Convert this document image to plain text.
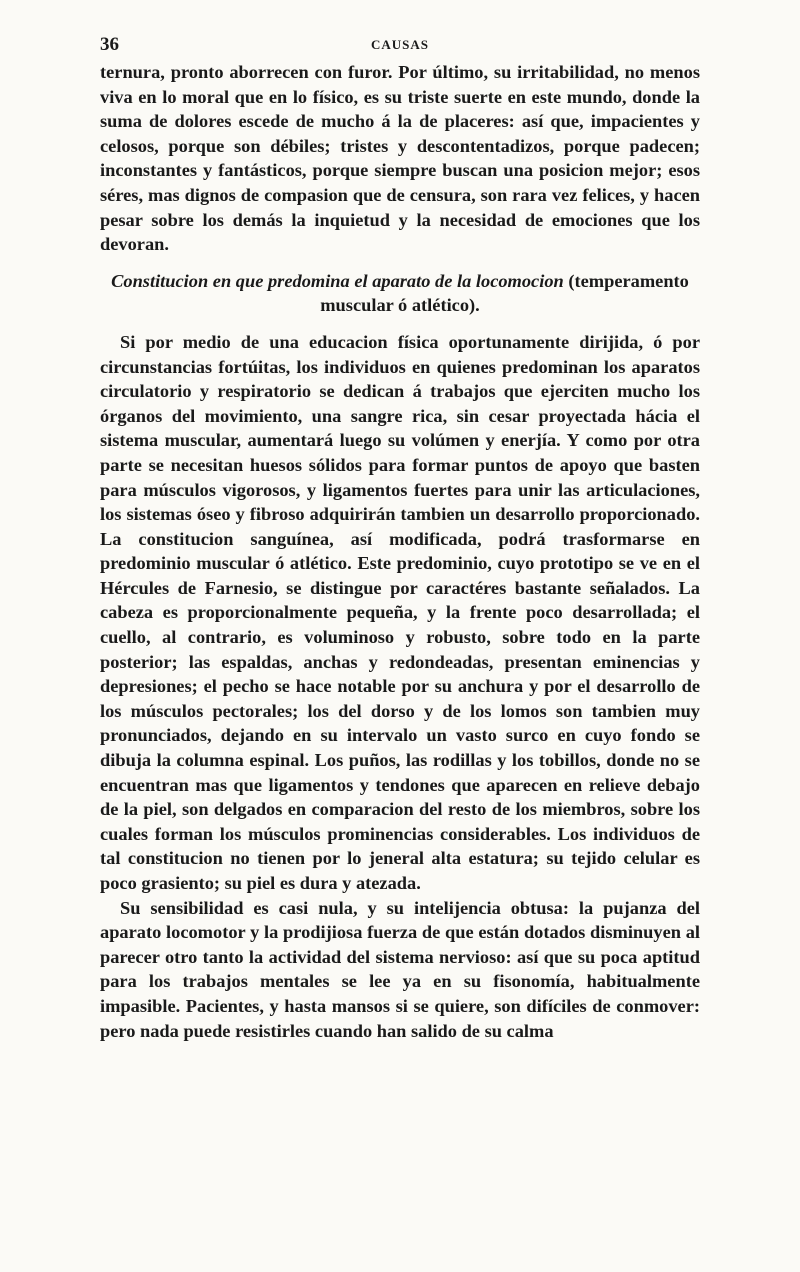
36	CAUSAS

ternura, pronto aborrecen con furor. Por último, su irritabilidad, no menos viva en lo moral que en lo físico, es su triste suerte en este mundo, donde la suma de dolores escede de mucho á la de placeres: así que, impacientes y celosos, porque son débiles; tristes y descontentadizos, porque padecen; inconstantes y fantásticos, porque siempre buscan una posicion mejor; esos séres, mas dignos de compasion que de censura, son rara vez felices, y hacen pesar sobre los demás la inquietud y la necesidad de emociones que los devoran.

Constitucion en que predomina el aparato de la locomocion (temperamento muscular ó atlético).

Si por medio de una educacion física oportunamente dirijida, ó por circunstancias fortúitas, los individuos en quienes predominan los aparatos circulatorio y respiratorio se dedican á trabajos que ejerciten mucho los órganos del movimiento, una sangre rica, sin cesar proyectada hácia el sistema muscular, aumentará luego su volúmen y enerjía. Y como por otra parte se necesitan huesos sólidos para formar puntos de apoyo que basten para músculos vigorosos, y ligamentos fuertes para unir las articulaciones, los sistemas óseo y fibroso adquirirán tambien un desarrollo proporcionado. La constitucion sanguínea, así modificada, podrá trasformarse en predominio muscular ó atlético. Este predominio, cuyo prototipo se ve en el Hércules de Farnesio, se distingue por caractéres bastante señalados. La cabeza es proporcionalmente pequeña, y la frente poco desarrollada; el cuello, al contrario, es voluminoso y robusto, sobre todo en la parte posterior; las espaldas, anchas y redondeadas, presentan eminencias y depresiones; el pecho se hace notable por su anchura y por el desarrollo de los músculos pectorales; los del dorso y de los lomos son tambien muy pronunciados, dejando en su intervalo un vasto surco en cuyo fondo se dibuja la columna espinal. Los puños, las rodillas y los tobillos, donde no se encuentran mas que ligamentos y tendones que aparecen en relieve debajo de la piel, son delgados en comparacion del resto de los miembros, sobre los cuales forman los músculos prominencias considerables. Los individuos de tal constitucion no tienen por lo jeneral alta estatura; su tejido celular es poco grasiento; su piel es dura y atezada.

Su sensibilidad es casi nula, y su intelijencia obtusa: la pujanza del aparato locomotor y la prodijiosa fuerza de que están dotados disminuyen al parecer otro tanto la actividad del sistema nervioso: así que su poca aptitud para los trabajos mentales se lee ya en su fisonomía, habitualmente impasible. Pacientes, y hasta mansos si se quiere, son difíciles de conmover: pero nada puede resistirles cuando han salido de su calma
